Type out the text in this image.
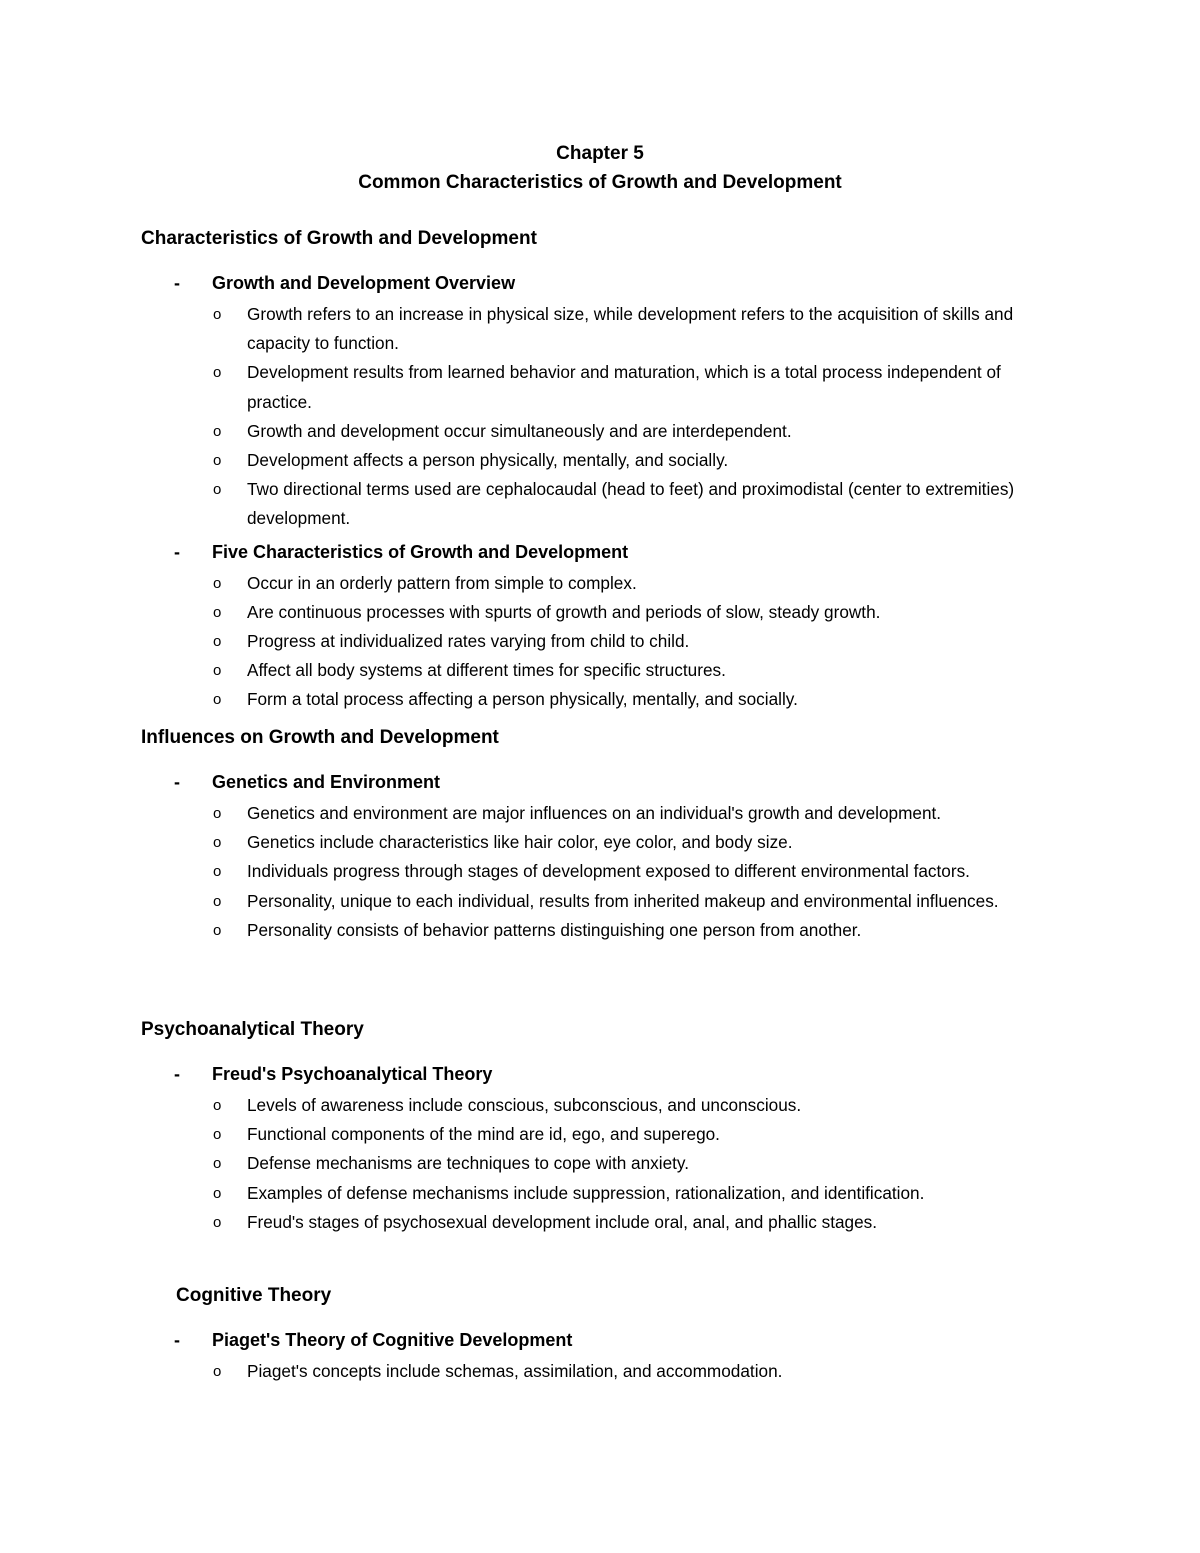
Chapter 5
Common Characteristics of Growth and Development
Characteristics of Growth and Development
- Growth and Development Overview
o Growth refers to an increase in physical size, while development refers to the acquisition of skills and capacity to function.
o Development results from learned behavior and maturation, which is a total process independent of practice.
o Growth and development occur simultaneously and are interdependent.
o Development affects a person physically, mentally, and socially.
o Two directional terms used are cephalocaudal (head to feet) and proximodistal (center to extremities) development.
- Five Characteristics of Growth and Development
o Occur in an orderly pattern from simple to complex.
o Are continuous processes with spurts of growth and periods of slow, steady growth.
o Progress at individualized rates varying from child to child.
o Affect all body systems at different times for specific structures.
o Form a total process affecting a person physically, mentally, and socially.
Influences on Growth and Development
- Genetics and Environment
o Genetics and environment are major influences on an individual's growth and development.
o Genetics include characteristics like hair color, eye color, and body size.
o Individuals progress through stages of development exposed to different environmental factors.
o Personality, unique to each individual, results from inherited makeup and environmental influences.
o Personality consists of behavior patterns distinguishing one person from another.
Psychoanalytical Theory
- Freud's Psychoanalytical Theory
o Levels of awareness include conscious, subconscious, and unconscious.
o Functional components of the mind are id, ego, and superego.
o Defense mechanisms are techniques to cope with anxiety.
o Examples of defense mechanisms include suppression, rationalization, and identification.
o Freud's stages of psychosexual development include oral, anal, and phallic stages.
Cognitive Theory
- Piaget's Theory of Cognitive Development
o Piaget's concepts include schemas, assimilation, and accommodation.
